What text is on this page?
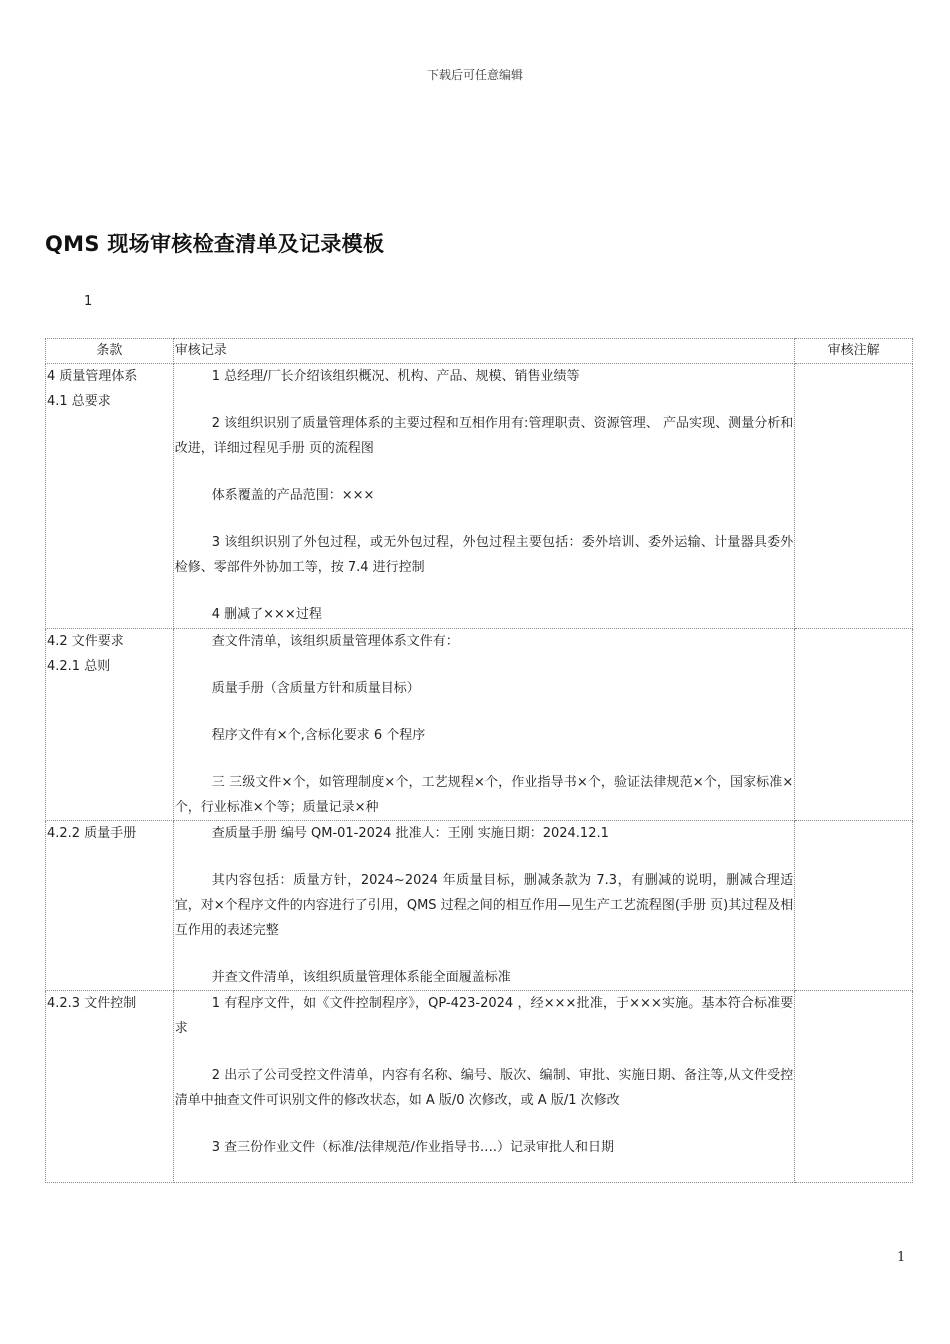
下载后可任意编辑
QMS 现场审核检查清单及记录模板
1
条款	审核记录	审核注解

4 质量管理体系
4.1 总要求	1 总经理/厂长介绍该组织概况、机构、产品、规模、销售业绩等
2 该组织识别了质量管理体系的主要过程和互相作用有:管理职责、资源管理、 产品实现、测量分析和改进，详细过程见手册 页的流程图
体系覆盖的产品范围：×××
3 该组织识别了外包过程，或无外包过程，外包过程主要包括：委外培训、委外运输、计量器具委外检修、零部件外协加工等，按 7.4 进行控制
4 删减了×××过程	

4.2 文件要求
4.2.1 总则	查文件清单，该组织质量管理体系文件有：
质量手册（含质量方针和质量目标）
程序文件有×个,含标化要求 6 个程序
三 三级文件×个，如管理制度×个，工艺规程×个，作业指导书×个，验证法律规范×个，国家标准×个，行业标准×个等；质量记录×种	

4.2.2 质量手册	查质量手册 编号 QM-01-2024 批准人：王刚 实施日期：2024.12.1
其内容包括：质量方针，2024~2024 年质量目标，删减条款为 7.3，有删减的说明，删减合理适宜，对×个程序文件的内容进行了引用，QMS 过程之间的相互作用—见生产工艺流程图(手册 页)其过程及相互作用的表述完整
并查文件清单，该组织质量管理体系能全面履盖标准	

4.2.3 文件控制	1 有程序文件，如《文件控制程序》，QP-423-2024 ，经×××批准，于×××实施。基本符合标准要求
2 出示了公司受控文件清单，内容有名称、编号、版次、编制、审批、实施日期、备注等,从文件受控清单中抽查文件可识别文件的修改状态，如 A 版/0 次修改，或 A 版/1 次修改
3 查三份作业文件（标准/法律规范/作业指导书….）记录审批人和日期	

1
